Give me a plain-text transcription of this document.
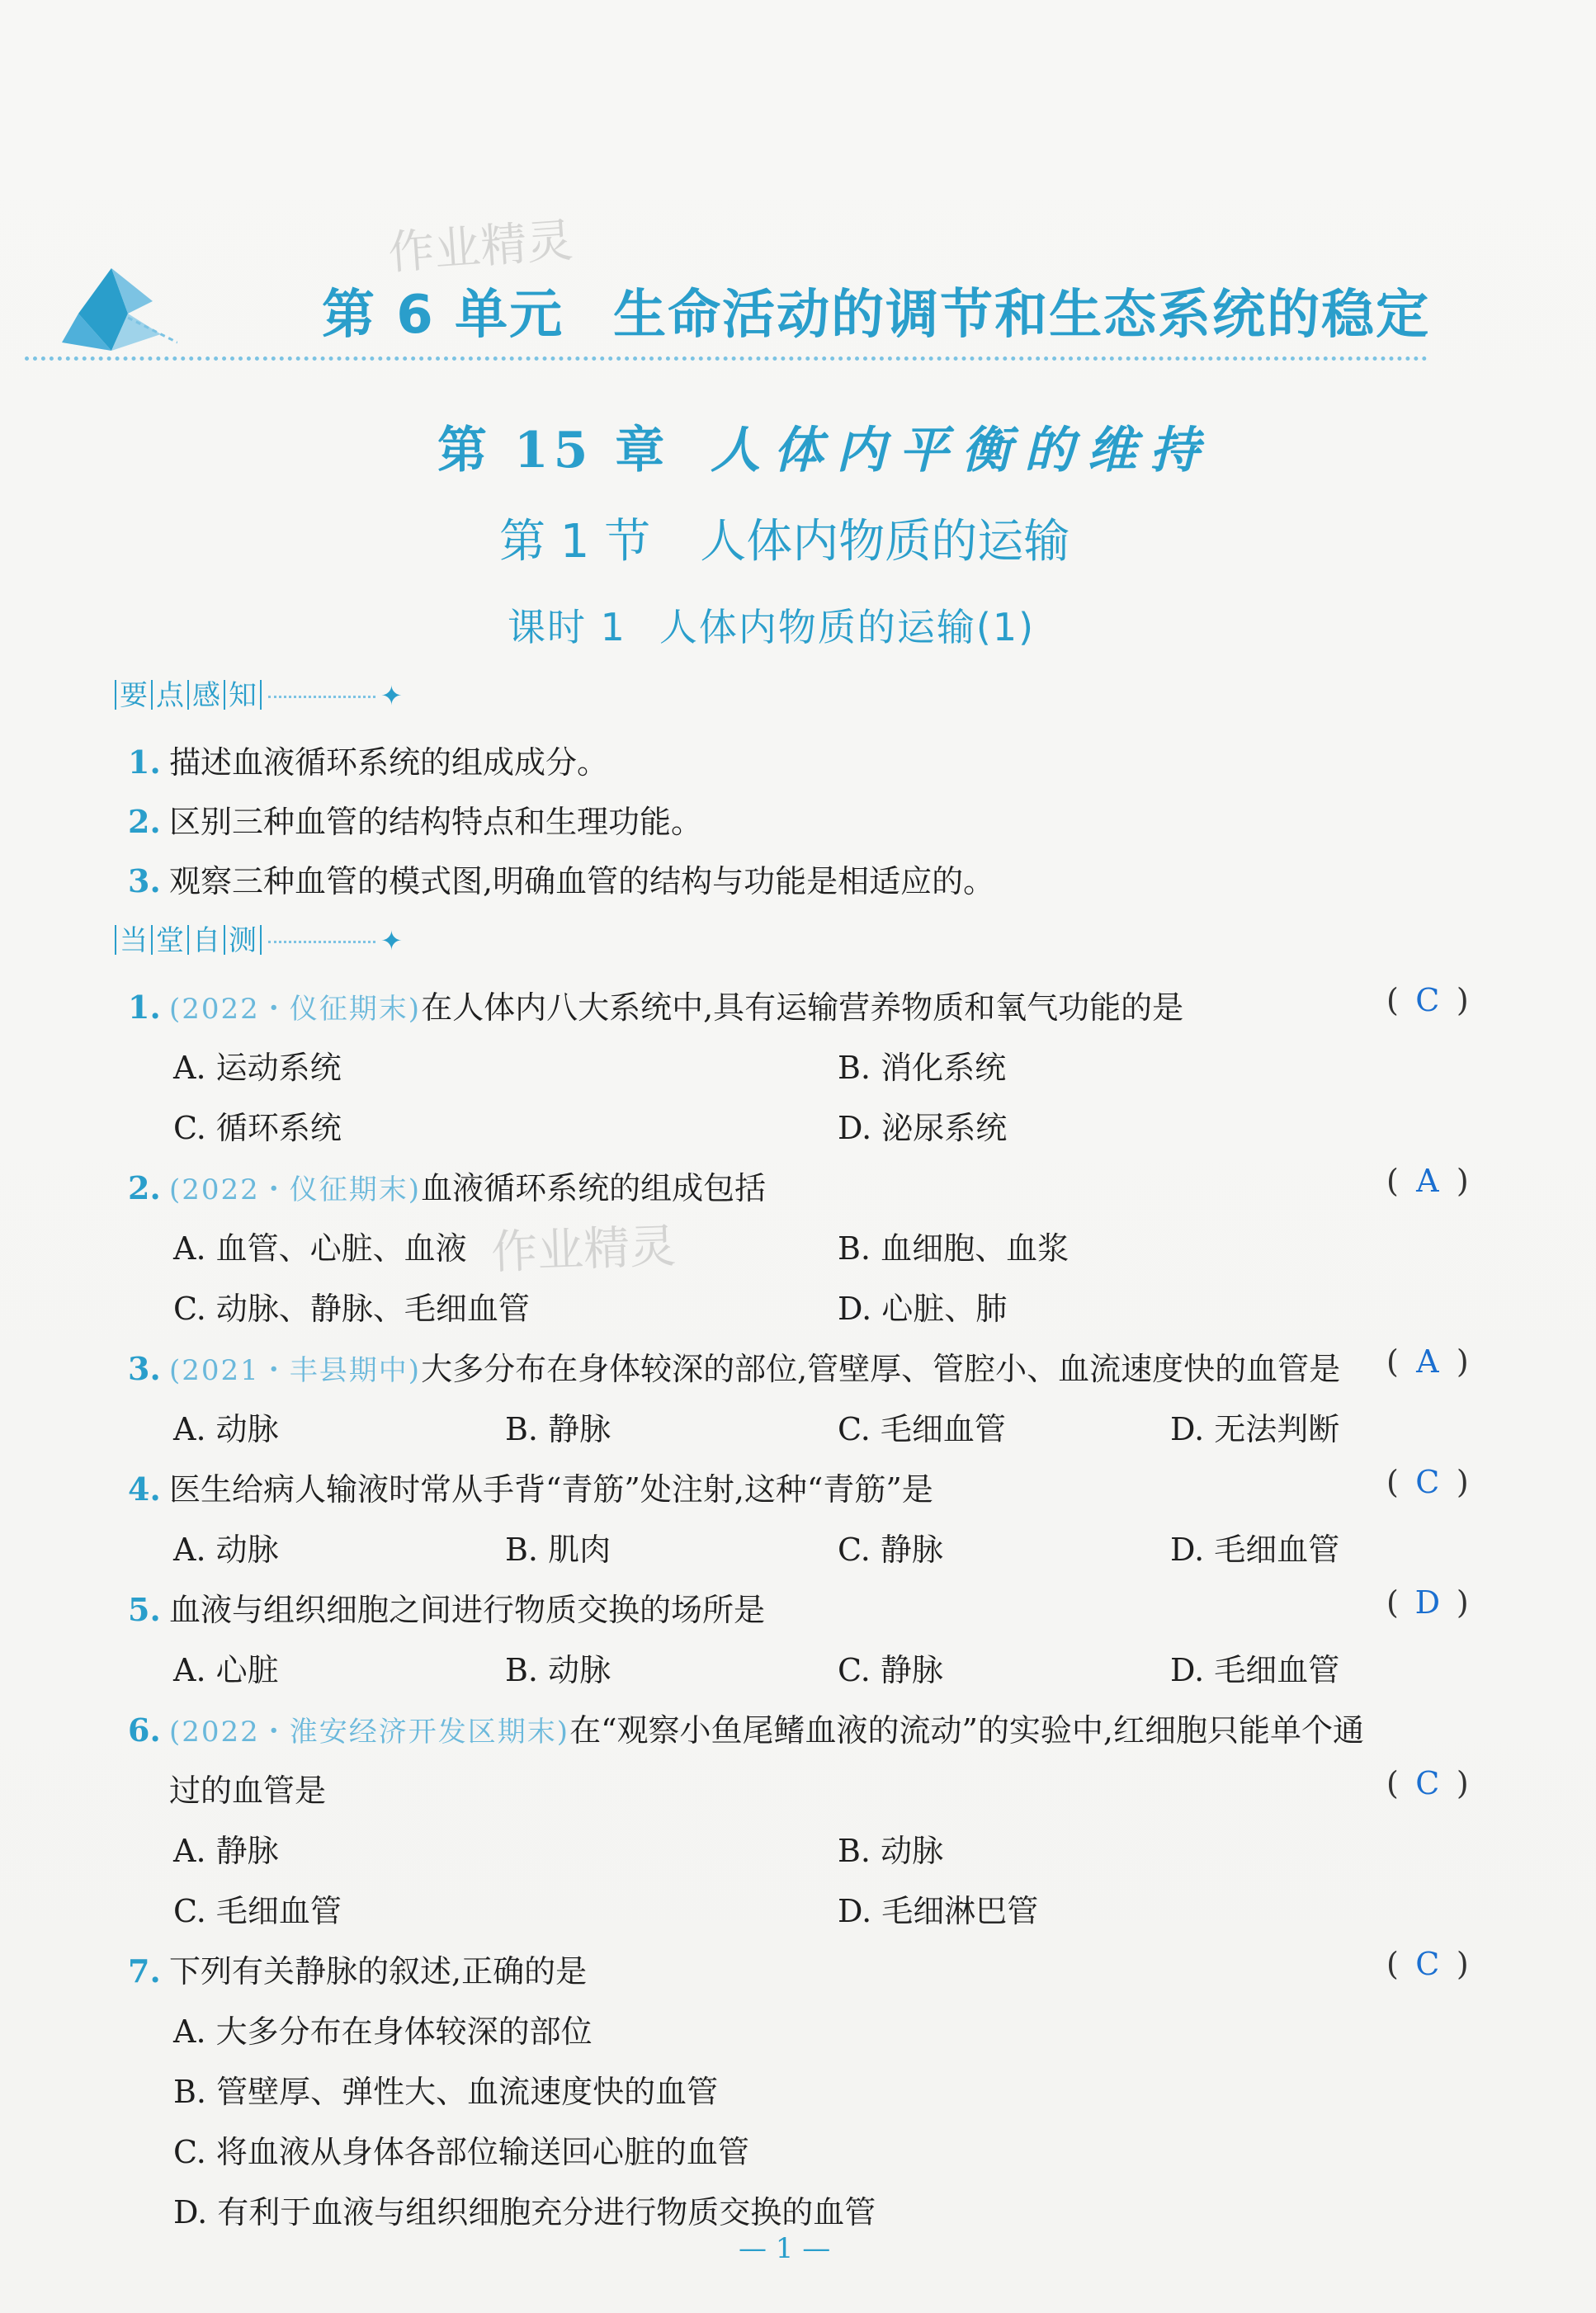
作业精灵
第 6 单元 生命活动的调节和生态系统的稳定
第 15 章 人体内平衡的维持
第 1 节 人体内物质的运输
课时 1 人体内物质的运输(1)
要 点 感 知	✦
1. 描述血液循环系统的组成成分。
2. 区别三种血管的结构特点和生理功能。
3. 观察三种血管的模式图,明确血管的结构与功能是相适应的。
当 堂 自 测	✦
1. (2022・仪征期末)在人体内八大系统中,具有运输营养物质和氧气功能的是	( C )
A. 运动系统	B. 消化系统
C. 循环系统	D. 泌尿系统
2. (2022・仪征期末)血液循环系统的组成包括	( A )
A. 血管、心脏、血液 作业精灵	B. 血细胞、血浆
C. 动脉、静脉、毛细血管	D. 心脏、肺
3. (2021・丰县期中)大多分布在身体较深的部位,管壁厚、管腔小、血流速度快的血管是 ( A )
A. 动脉	B. 静脉	C. 毛细血管	D. 无法判断
4. 医生给病人输液时常从手背“青筋”处注射,这种“青筋”是	( C )
A. 动脉	B. 肌肉	C. 静脉	D. 毛细血管
5. 血液与组织细胞之间进行物质交换的场所是	( D )
A. 心脏	B. 动脉	C. 静脉	D. 毛细血管
6. (2022・淮安经济开发区期末)在“观察小鱼尾鳍血液的流动”的实验中,红细胞只能单个通
过的血管是	( C )
A. 静脉	B. 动脉
C. 毛细血管	D. 毛细淋巴管
7. 下列有关静脉的叙述,正确的是	( C )
A. 大多分布在身体较深的部位
B. 管壁厚、弹性大、血流速度快的血管
C. 将血液从身体各部位输送回心脏的血管
D. 有利于血液与组织细胞充分进行物质交换的血管
— 1 —
